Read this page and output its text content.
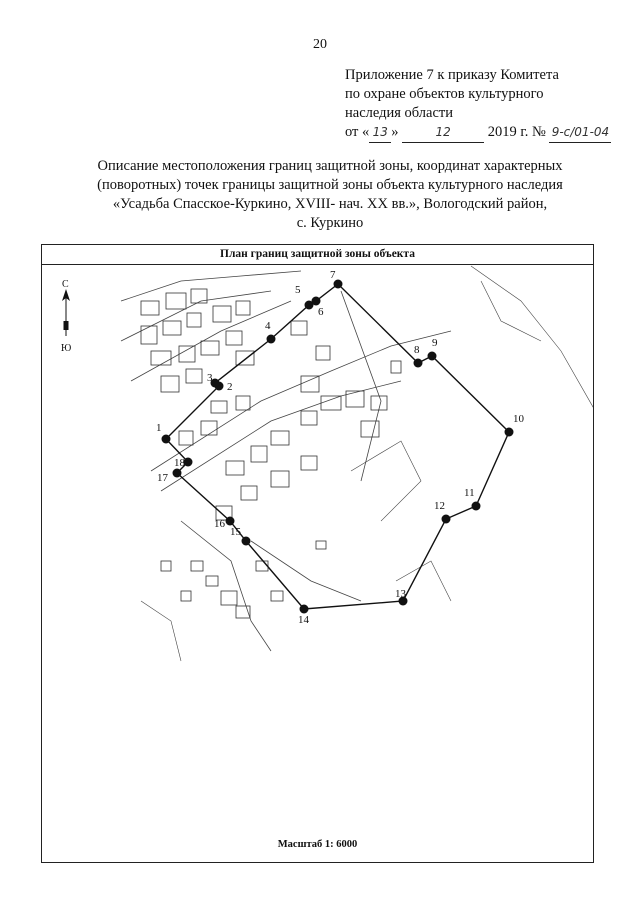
20
Приложение 7 к приказу Комитета
по охране объектов культурного
наследия области
от « 13 »	12	2019 г. № 9-с/01-04
Описание местоположения границ защитной зоны, координат характерных
(поворотных) точек границы защитной зоны объекта культурного наследия
«Усадьба Спасское-Куркино, XVIII- нач. XX вв.», Вологодский район,
с. Куркино
План границ защитной зоны объекта
С
Ю
1
2
3
4
5
6
7
8
9
10
11
12
13
14
15
16
17
18
Масштаб 1: 6000
